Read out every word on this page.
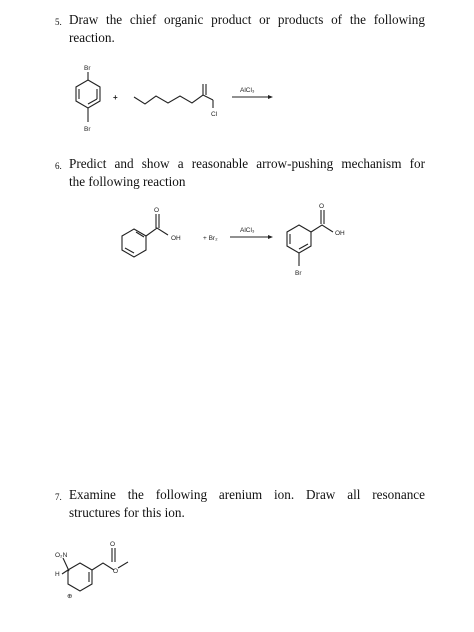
5. Draw the chief organic product or products of the following
reaction.
6. Predict and show a reasonable arrow-pushing mechanism for
the following reaction
7. Examine the following arenium ion. Draw all resonance
structures for this ion.
Br
Br
+
Cl
AlCl₃
O
OH	+ Br₂
AlCl₃
O
OH
Br
O₂N
H
⊕
O
O
